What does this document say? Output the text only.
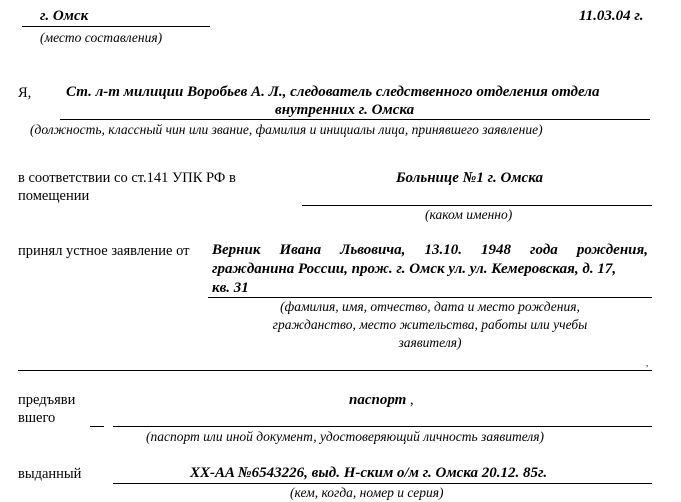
г. Омск
(место составления)
11.03.04 г.
Я, Ст. л-т милиции Воробьев А. Л., следователь следственного отделения отдела
внутренних г. Омска
(должность, классный чин или звание, фамилия и инициалы лица, принявшего заявление)
в соответствии со ст.141 УПК РФ в
помещении
Больнице №1 г. Омска
(каком именно)
принял устное заявление от Верник Ивана Львовича, 13.10. 1948 года рождения,
гражданина России, прож. г. Омск ул. ул. Кемеровская, д. 17,
кв. 31
(фамилия, имя, отчество, дата и место рождения,
гражданство, место жительства, работы или учебы
заявителя)
,
предъяви
вшего
паспорт ,
(паспорт или иной документ, удостоверяющий личность заявителя)
выданный	XX-AA №6543226, выд. Н-ским о/м г. Омска 20.12. 85г.
(кем, когда, номер и серия)
